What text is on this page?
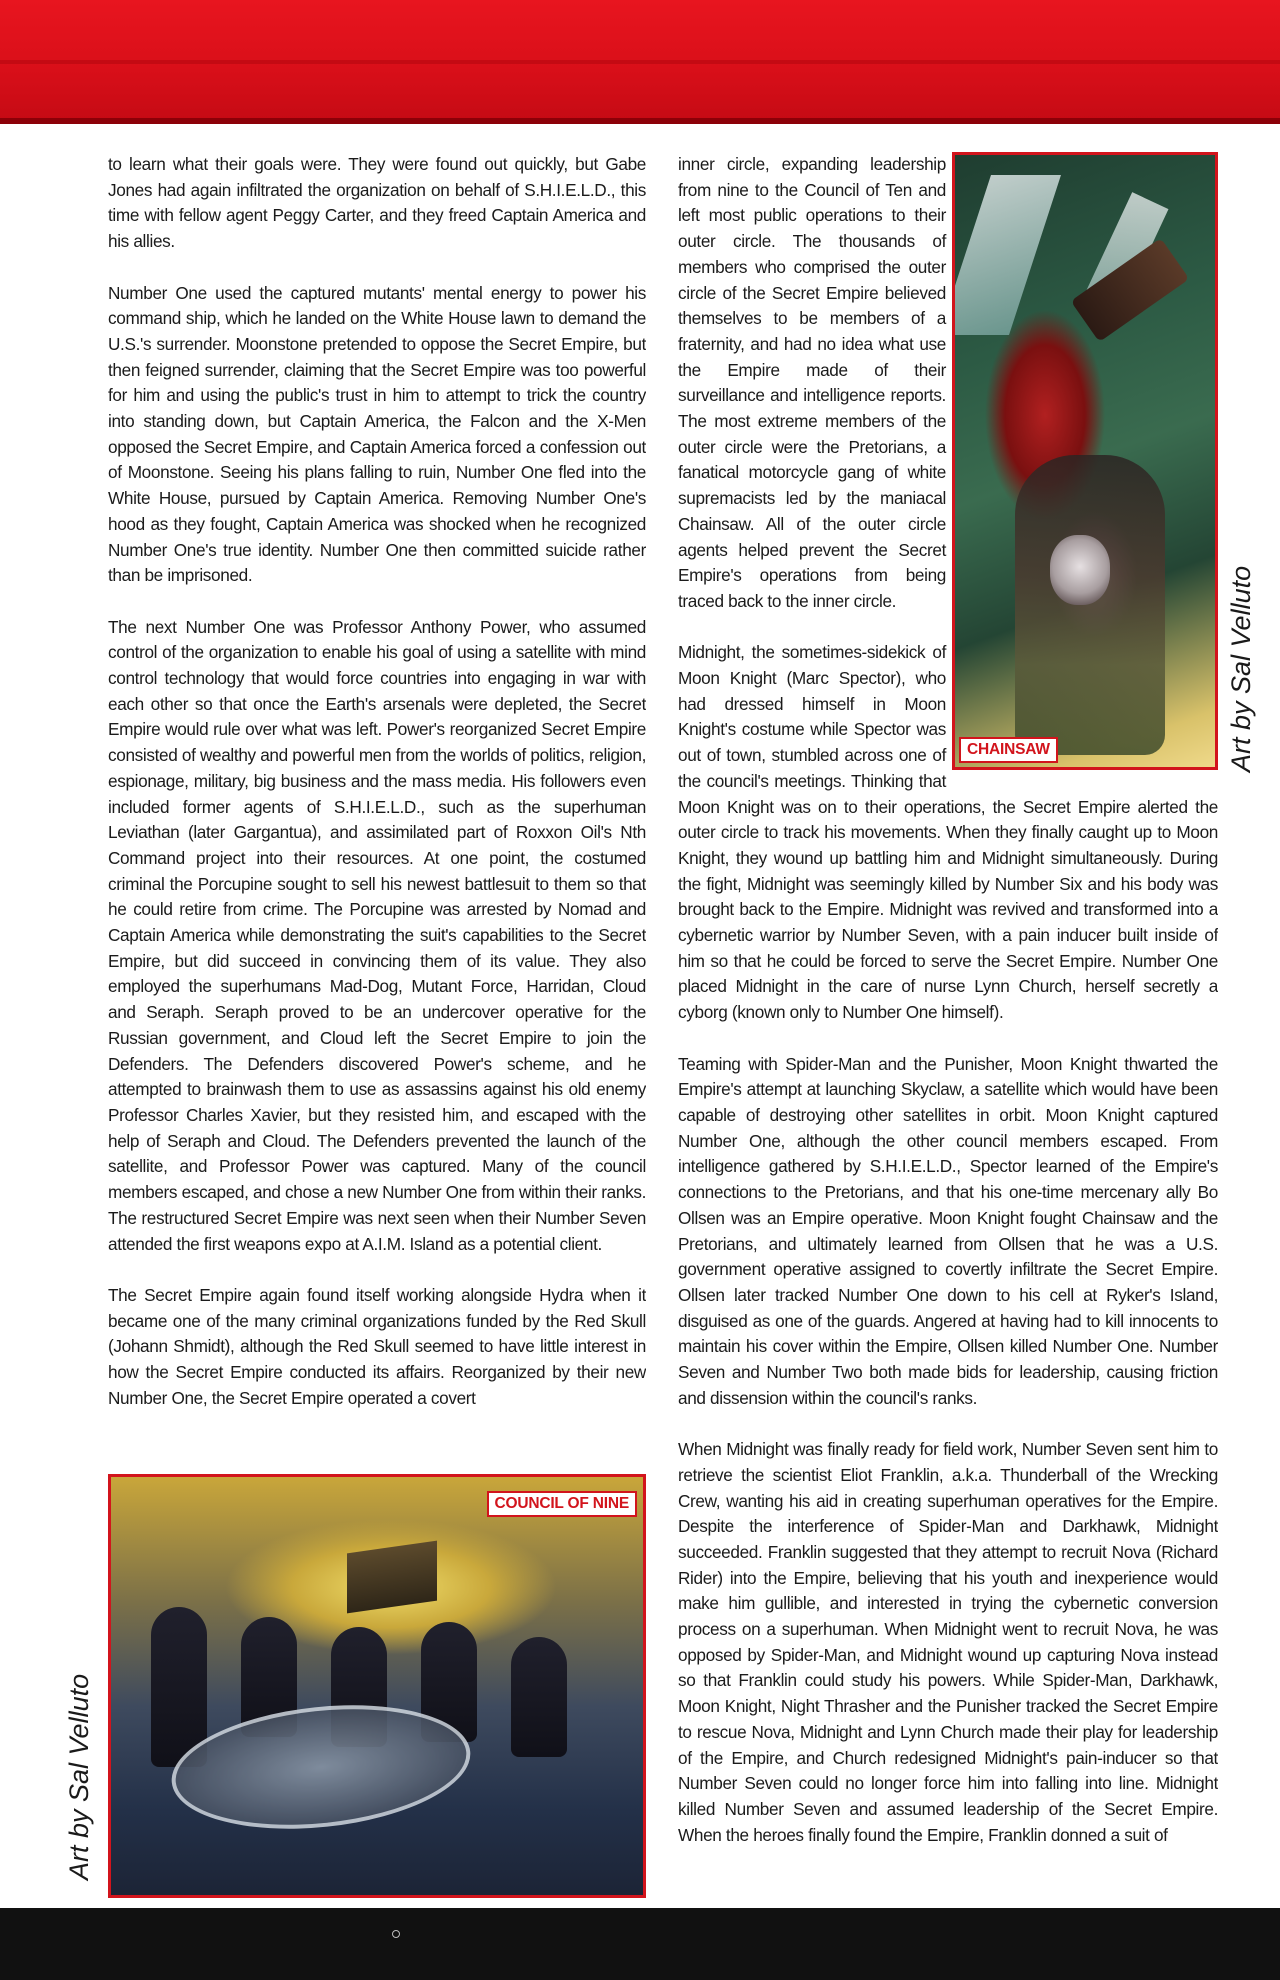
to learn what their goals were. They were found out quickly, but Gabe Jones had again infiltrated the organization on behalf of S.H.I.E.L.D., this time with fellow agent Peggy Carter, and they freed Captain America and his allies.

Number One used the captured mutants' mental energy to power his command ship, which he landed on the White House lawn to demand the U.S.'s surrender. Moonstone pretended to oppose the Secret Empire, but then feigned surrender, claiming that the Secret Empire was too powerful for him and using the public's trust in him to attempt to trick the country into standing down, but Captain America, the Falcon and the X-Men opposed the Secret Empire, and Captain America forced a confession out of Moonstone. Seeing his plans falling to ruin, Number One fled into the White House, pursued by Captain America. Removing Number One's hood as they fought, Captain America was shocked when he recognized Number One's true identity. Number One then committed suicide rather than be imprisoned.

The next Number One was Professor Anthony Power, who assumed control of the organization to enable his goal of using a satellite with mind control technology that would force countries into engaging in war with each other so that once the Earth's arsenals were depleted, the Secret Empire would rule over what was left. Power's reorganized Secret Empire consisted of wealthy and powerful men from the worlds of politics, religion, espionage, military, big business and the mass media. His followers even included former agents of S.H.I.E.L.D., such as the superhuman Leviathan (later Gargantua), and assimilated part of Roxxon Oil's Nth Command project into their resources. At one point, the costumed criminal the Porcupine sought to sell his newest battlesuit to them so that he could retire from crime. The Porcupine was arrested by Nomad and Captain America while demonstrating the suit's capabilities to the Secret Empire, but did succeed in convincing them of its value. They also employed the superhumans Mad-Dog, Mutant Force, Harridan, Cloud and Seraph. Seraph proved to be an undercover operative for the Russian government, and Cloud left the Secret Empire to join the Defenders. The Defenders discovered Power's scheme, and he attempted to brainwash them to use as assassins against his old enemy Professor Charles Xavier, but they resisted him, and escaped with the help of Seraph and Cloud. The Defenders prevented the launch of the satellite, and Professor Power was captured. Many of the council members escaped, and chose a new Number One from within their ranks. The restructured Secret Empire was next seen when their Number Seven attended the first weapons expo at A.I.M. Island as a potential client.

The Secret Empire again found itself working alongside Hydra when it became one of the many criminal organizations funded by the Red Skull (Johann Shmidt), although the Red Skull seemed to have little interest in how the Secret Empire conducted its affairs. Reorganized by their new Number One, the Secret Empire operated a covert

inner circle, expanding leadership from nine to the Council of Ten and left most public operations to their outer circle. The thousands of members who comprised the outer circle of the Secret Empire believed themselves to be members of a fraternity, and had no idea what use the Empire made of their surveillance and intelligence reports. The most extreme members of the outer circle were the Pretorians, a fanatical motorcycle gang of white supremacists led by the maniacal Chainsaw. All of the outer circle agents helped prevent the Secret Empire's operations from being traced back to the inner circle.

Midnight, the sometimes-sidekick of Moon Knight (Marc Spector), who had dressed himself in Moon Knight's costume while Spector was out of town, stumbled across one of the council's meetings. Thinking that Moon Knight was on to their operations, the Secret Empire alerted the outer circle to track his movements. When they finally caught up to Moon Knight, they wound up battling him and Midnight simultaneously. During the fight, Midnight was seemingly killed by Number Six and his body was brought back to the Empire. Midnight was revived and transformed into a cybernetic warrior by Number Seven, with a pain inducer built inside of him so that he could be forced to serve the Secret Empire. Number One placed Midnight in the care of nurse Lynn Church, herself secretly a cyborg (known only to Number One himself).

Teaming with Spider-Man and the Punisher, Moon Knight thwarted the Empire's attempt at launching Skyclaw, a satellite which would have been capable of destroying other satellites in orbit. Moon Knight captured Number One, although the other council members escaped. From intelligence gathered by S.H.I.E.L.D., Spector learned of the Empire's connections to the Pretorians, and that his one-time mercenary ally Bo Ollsen was an Empire operative. Moon Knight fought Chainsaw and the Pretorians, and ultimately learned from Ollsen that he was a U.S. government operative assigned to covertly infiltrate the Secret Empire. Ollsen later tracked Number One down to his cell at Ryker's Island, disguised as one of the guards. Angered at having had to kill innocents to maintain his cover within the Empire, Ollsen killed Number One. Number Seven and Number Two both made bids for leadership, causing friction and dissension within the council's ranks.

When Midnight was finally ready for field work, Number Seven sent him to retrieve the scientist Eliot Franklin, a.k.a. Thunderball of the Wrecking Crew, wanting his aid in creating superhuman operatives for the Empire. Despite the interference of Spider-Man and Darkhawk, Midnight succeeded. Franklin suggested that they attempt to recruit Nova (Richard Rider) into the Empire, believing that his youth and inexperience would make him gullible, and interested in trying the cybernetic conversion process on a superhuman. When Midnight went to recruit Nova, he was opposed by Spider-Man, and Midnight wound up capturing Nova instead so that Franklin could study his powers. While Spider-Man, Darkhawk, Moon Knight, Night Thrasher and the Punisher tracked the Secret Empire to rescue Nova, Midnight and Lynn Church made their play for leadership of the Empire, and Church redesigned Midnight's pain-inducer so that Number Seven could no longer force him into falling into line. Midnight killed Number Seven and assumed leadership of the Secret Empire. When the heroes finally found the Empire, Franklin donned a suit of

CHAINSAW	Art by Sal Velluto
COUNCIL OF NINE
Art by Sal Velluto
